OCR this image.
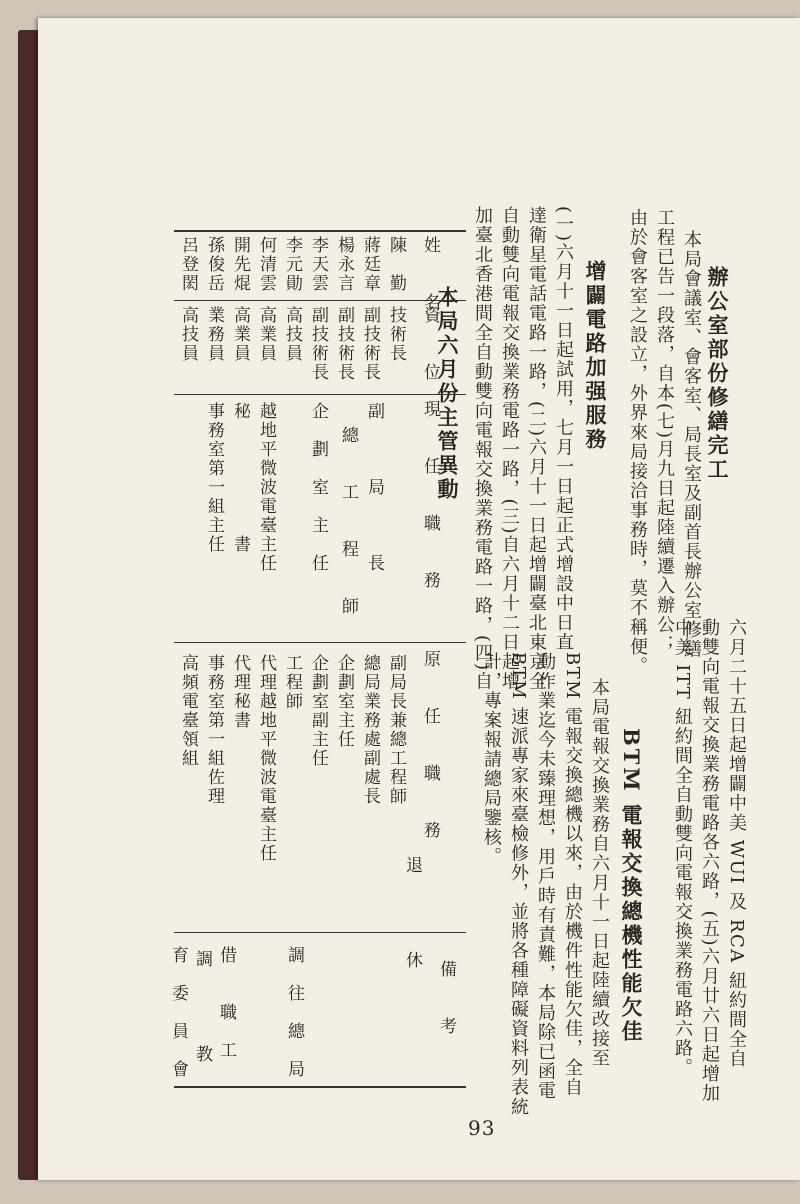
辦公室部份修繕完工
本局會議室、會客室、局長室及副首長辦公室修繕
工程已告一段落，自本(七)月九日起陸續遷入辦公；
由於會客室之設立，外界來局接洽事務時，莫不稱便。
增闢電路加强服務
(一)六月十一日起試用，七月一日起正式增設中日直
達衛星電話電路一路，(二)六月十一日起增闢臺北東京全
自動雙向電報交換業務電路一路，(三)自六月十二日起增
加臺北香港間全自動雙向電報交換業務電路一路，(四)自
六月二十五日起增闢中美 WUI 及 RCA 紐約間全自
動雙向電報交換業務電路各六路，(五)六月廿六日起增加
中美 ITT 紐約間全自動雙向電報交換業務電路六路。
BTM 電報交換總機性能欠佳
本局電報交換業務自六月十一日起陸續改接至
BTM 電報交換總機以來，由於機件性能欠佳，全自
動作業迄今未臻理想，用戶時有責難，本局除已函電
BTM 速派專家來臺檢修外，並將各種障礙資料列表統
計，專案報請總局鑒核。
本局六月份主管異動
姓　　名
資　　位
現　　任　　職　　務
原　　任　　職　　務
備　　考
陳　勤
技術長
副　　　局　　　長
副局長兼總工程師
退　　　　休
蔣廷章
副技術長
總　　工　　程　　師
總局業務處副處長
楊永言
副技術長
企劃室主任
李天雲
副技術長
企　劃　室　主　任
企劃室副主任
調　往　總　局
李元勛
高技員
工程師
何清雲
高業員
越地平微波電臺主任
代理越地平微波電臺主任
開先焜
高業員
秘　　　　　　書
代理秘書
調　　　　教
孫俊岳
業務員
事務室第一組主任
事務室第一組佐理
借　　職　工
呂登閎
高技員
高頻電臺領組
育　委　員　會
93
